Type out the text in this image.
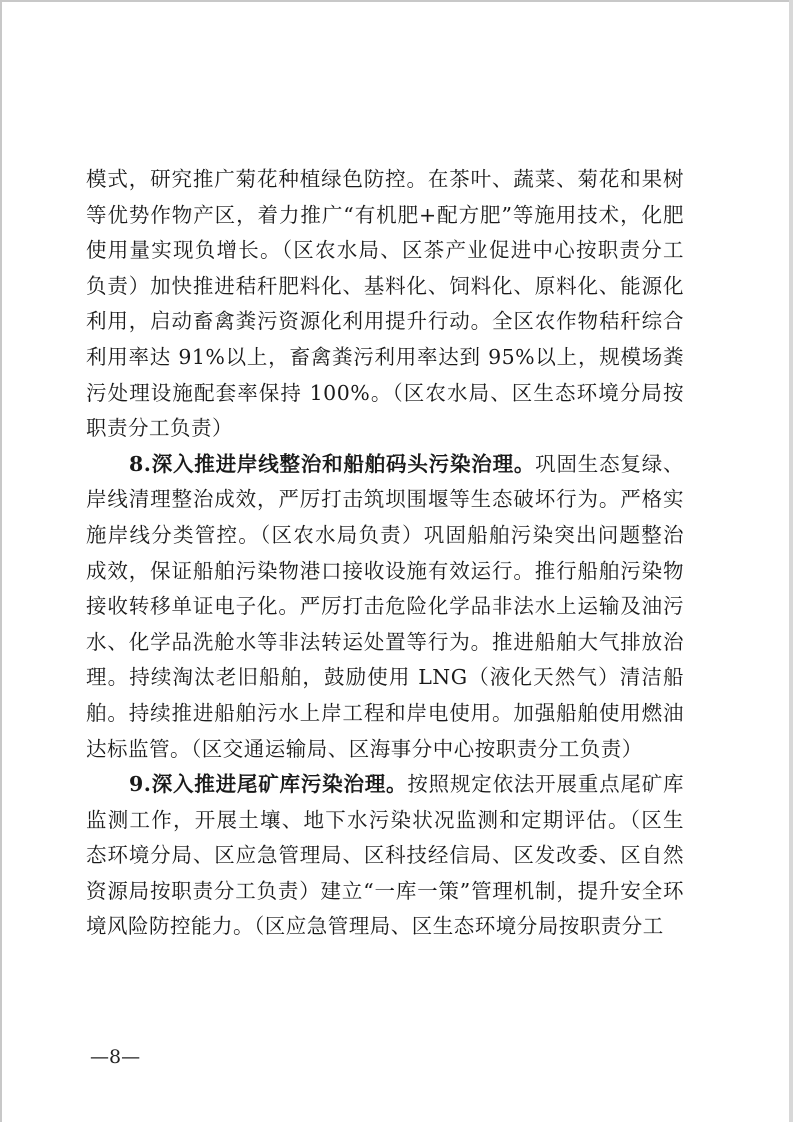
模式，研究推广菊花种植绿色防控。在茶叶、蔬菜、菊花和果树等优势作物产区，着力推广“有机肥+配方肥”等施用技术，化肥使用量实现负增长。（区农水局、区茶产业促进中心按职责分工负责）加快推进秸秆肥料化、基料化、饲料化、原料化、能源化利用，启动畜禽粪污资源化利用提升行动。全区农作物秸秆综合利用率达 91%以上，畜禽粪污利用率达到 95%以上，规模场粪污处理设施配套率保持 100%。（区农水局、区生态环境分局按职责分工负责）

8.深入推进岸线整治和船舶码头污染治理。巩固生态复绿、岸线清理整治成效，严厉打击筑坝围堰等生态破坏行为。严格实施岸线分类管控。（区农水局负责）巩固船舶污染突出问题整治成效，保证船舶污染物港口接收设施有效运行。推行船舶污染物接收转移单证电子化。严厉打击危险化学品非法水上运输及油污水、化学品洗舱水等非法转运处置等行为。推进船舶大气排放治理。持续淘汰老旧船舶，鼓励使用 LNG（液化天然气）清洁船舶。持续推进船舶污水上岸工程和岸电使用。加强船舶使用燃油达标监管。（区交通运输局、区海事分中心按职责分工负责）

9.深入推进尾矿库污染治理。按照规定依法开展重点尾矿库监测工作，开展土壤、地下水污染状况监测和定期评估。（区生态环境分局、区应急管理局、区科技经信局、区发改委、区自然资源局按职责分工负责）建立“一库一策”管理机制，提升安全环境风险防控能力。（区应急管理局、区生态环境分局按职责分工

—8—
